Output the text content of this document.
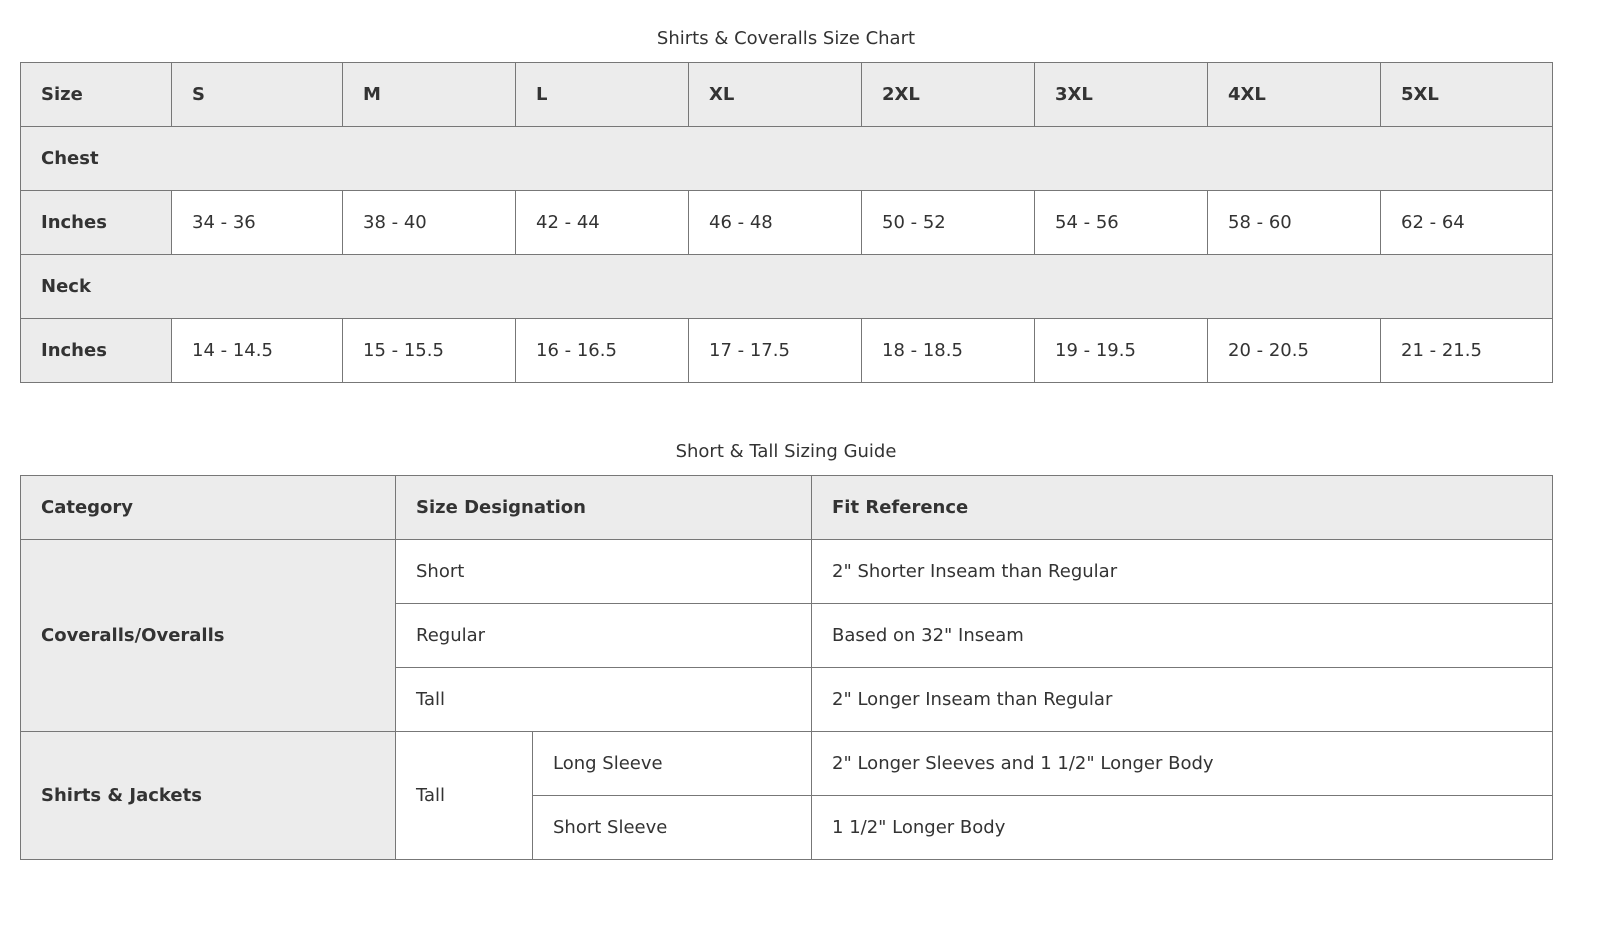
Shirts & Coveralls Size Chart
Size	S	M	L	XL	2XL	3XL	4XL	5XL
Chest								
Inches	34 - 36	38 - 40	42 - 44	46 - 48	50 - 52	54 - 56	58 - 60	62 - 64
Neck								
Inches	14 - 14.5	15 - 15.5	16 - 16.5	17 - 17.5	18 - 18.5	19 - 19.5	20 - 20.5	21 - 21.5
Short & Tall Sizing Guide
Category	Size Designation		Fit Reference
Coveralls/Overalls	Short		2" Shorter Inseam than Regular
	Regular		Based on 32" Inseam
	Tall		2" Longer Inseam than Regular
Shirts & Jackets	Tall	Long Sleeve	2" Longer Sleeves and 1 1/2" Longer Body
		Short Sleeve	1 1/2" Longer Body
